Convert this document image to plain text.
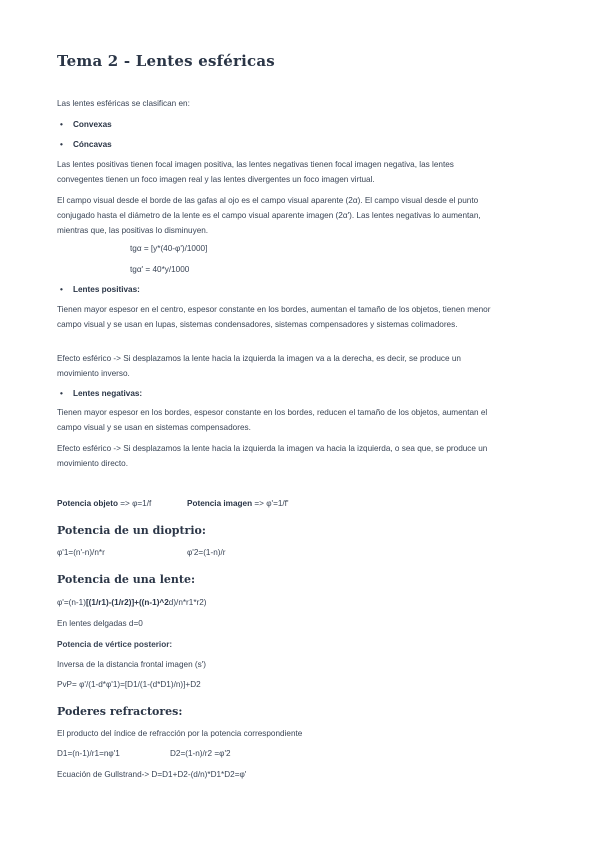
Tema 2 - Lentes esféricas

Las lentes esféricas se clasifican en:

• Convexas
• Cóncavas

Las lentes positivas tienen focal imagen positiva, las lentes negativas tienen focal imagen negativa, las lentes convegentes tienen un foco imagen real y las lentes divergentes un foco imagen virtual.

El campo visual desde el borde de las gafas al ojo es el campo visual aparente (2α). El campo visual desde el punto conjugado hasta el diámetro de la lente es el campo visual aparente imagen (2α'). Las lentes negativas lo aumentan, mientras que, las positivas lo disminuyen.

tgα = [y*(40-φ')/1000]
tgα' = 40*y/1000
• Lentes positivas:

Tienen mayor espesor en el centro, espesor constante en los bordes, aumentan el tamaño de los objetos, tienen menor campo visual y se usan en lupas, sistemas condensadores, sistemas compensadores y sistemas colimadores.

Efecto esférico -> Si desplazamos la lente hacia la izquierda la imagen va a la derecha, es decir, se produce un movimiento inverso.

• Lentes negativas:

Tienen mayor espesor en los bordes, espesor constante en los bordes, reducen el tamaño de los objetos, aumentan el campo visual y se usan en sistemas compensadores.

Efecto esférico -> Si desplazamos la lente hacia la izquierda la imagen va hacia la izquierda, o sea que, se produce un movimiento directo.

Potencia objeto => φ=1/f	Potencia imagen => φ'=1/f'
Potencia de un dioptrio:
φ'1=(n'-n)/n*r	φ'2=(1-n)/r
Potencia de una lente:
φ'=(n-1)[(1/r1)-(1/r2)]+((n-1)^2d)/n*r1*r2)
En lentes delgadas d=0
Potencia de vértice posterior:
Inversa de la distancia frontal imagen (s')
PvP= φ'/(1-d*φ'1)=[D1/(1-(d*D1)/n)]+D2
Poderes refractores:
El producto del índice de refracción por la potencia correspondiente
D1=(n-1)/r1=nφ'1	D2=(1-n)/r2 =φ'2
Ecuación de Gullstrand-> D=D1+D2-(d/n)*D1*D2=φ'
